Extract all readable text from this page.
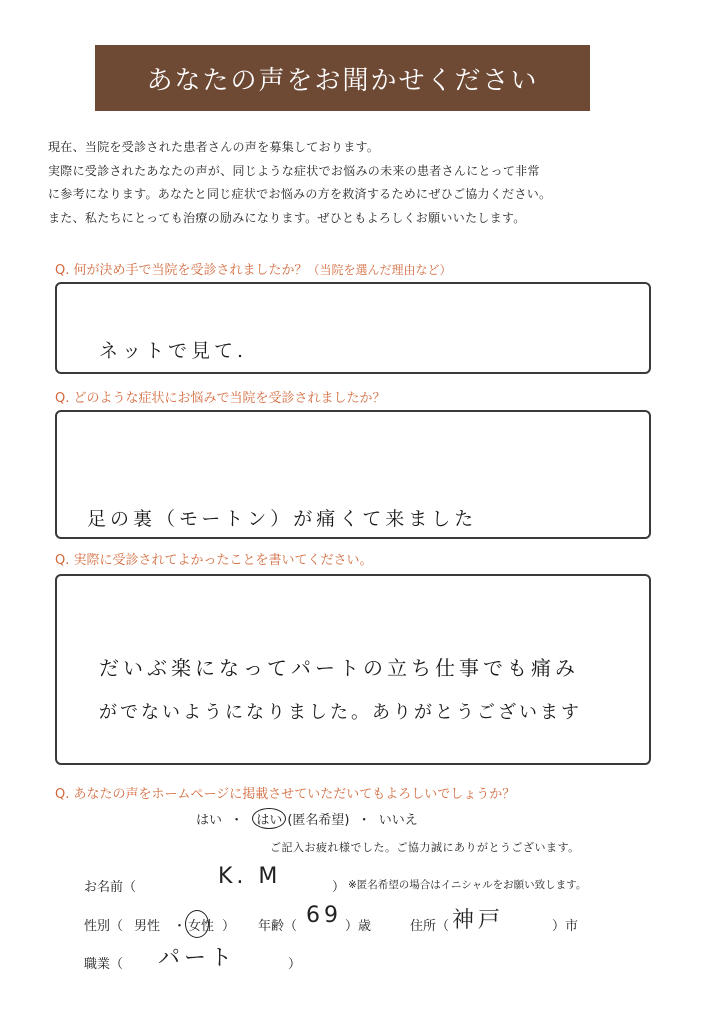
あなたの声をお聞かせください
現在、当院を受診された患者さんの声を募集しております。
実際に受診されたあなたの声が、同じような症状でお悩みの未来の患者さんにとって非常
に参考になります。あなたと同じ症状でお悩みの方を救済するためにぜひご協力ください。
また、私たちにとっても治療の励みになります。ぜひともよろしくお願いいたします。
Q. 何が決め手で当院を受診されましたか？（当院を選んだ理由など）
ネットで見て.
Q. どのような症状にお悩みで当院を受診されましたか？
足の裏（モートン）が痛くて来ました
Q. 実際に受診されてよかったことを書いてください。
だいぶ楽になってパートの立ち仕事でも痛み
がでないようになりました。ありがとうございます
Q. あなたの声をホームページに掲載させていただいてもよろしいでしょうか？
はい ・ はい (匿名希望) ・ いいえ
ご記入お疲れ様でした。ご協力誠にありがとうございます。
お名前（	K. M	） ※匿名希望の場合はイニシャルをお願い致します。
性別（ 男性 ・ 女性 ） 年齢（ 69 ）歳	住所（ 神戸	）市
職業（ パート	）
